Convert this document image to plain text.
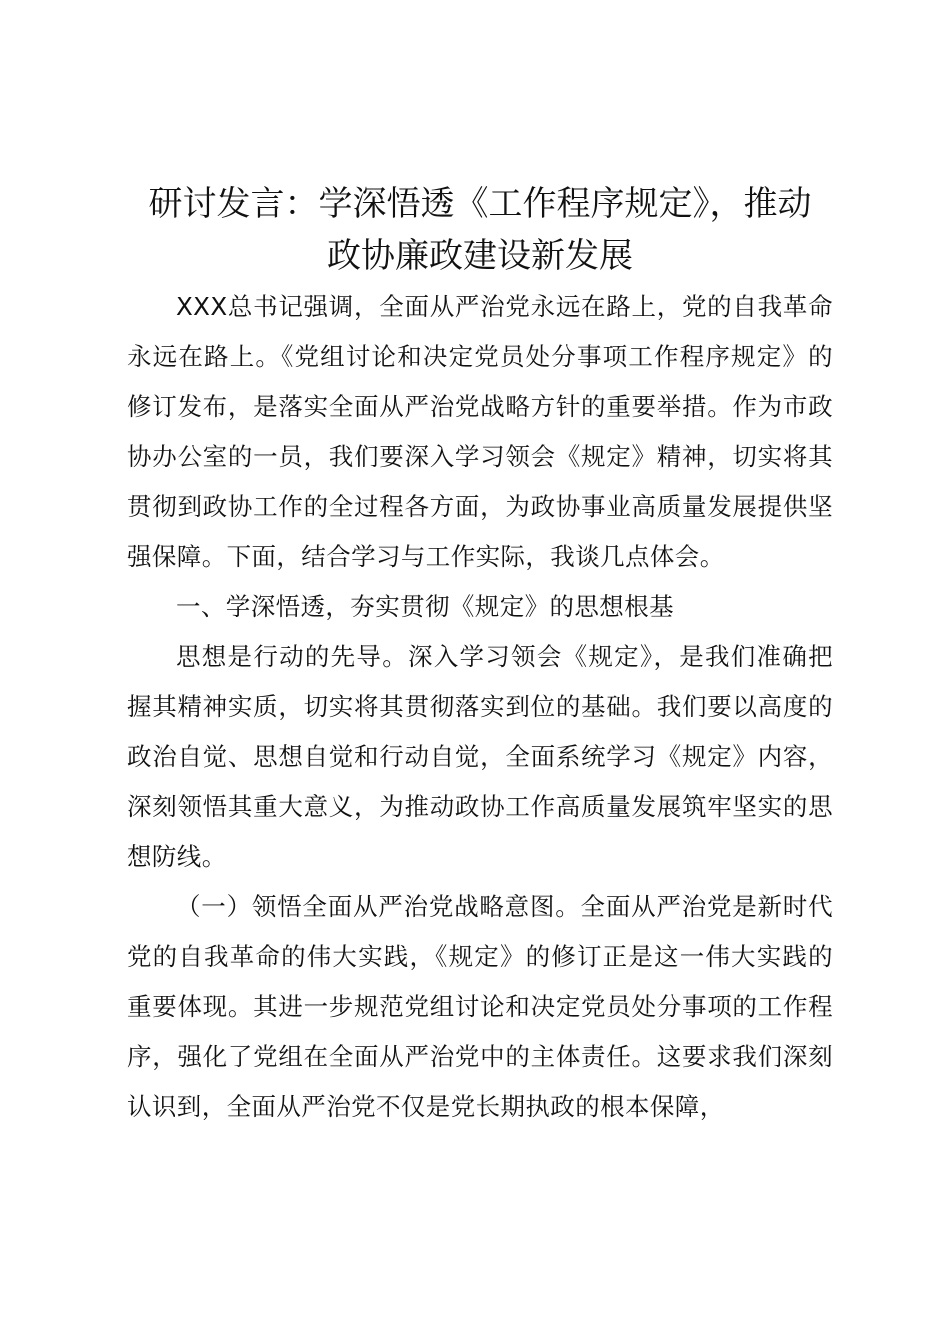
研讨发言：学深悟透《工作程序规定》，推动
政协廉政建设新发展

XXX总书记强调，全面从严治党永远在路上，党的自我革命永远在路上。《党组讨论和决定党员处分事项工作程序规定》的修订发布，是落实全面从严治党战略方针的重要举措。作为市政协办公室的一员，我们要深入学习领会《规定》精神，切实将其贯彻到政协工作的全过程各方面，为政协事业高质量发展提供坚强保障。下面，结合学习与工作实际，我谈几点体会。

一、学深悟透，夯实贯彻《规定》的思想根基

思想是行动的先导。深入学习领会《规定》，是我们准确把握其精神实质，切实将其贯彻落实到位的基础。我们要以高度的政治自觉、思想自觉和行动自觉，全面系统学习《规定》内容，深刻领悟其重大意义，为推动政协工作高质量发展筑牢坚实的思想防线。

（一）领悟全面从严治党战略意图。全面从严治党是新时代党的自我革命的伟大实践，《规定》的修订正是这一伟大实践的重要体现。其进一步规范党组讨论和决定党员处分事项的工作程序，强化了党组在全面从严治党中的主体责任。这要求我们深刻认识到，全面从严治党不仅是党长期执政的根本保障，
